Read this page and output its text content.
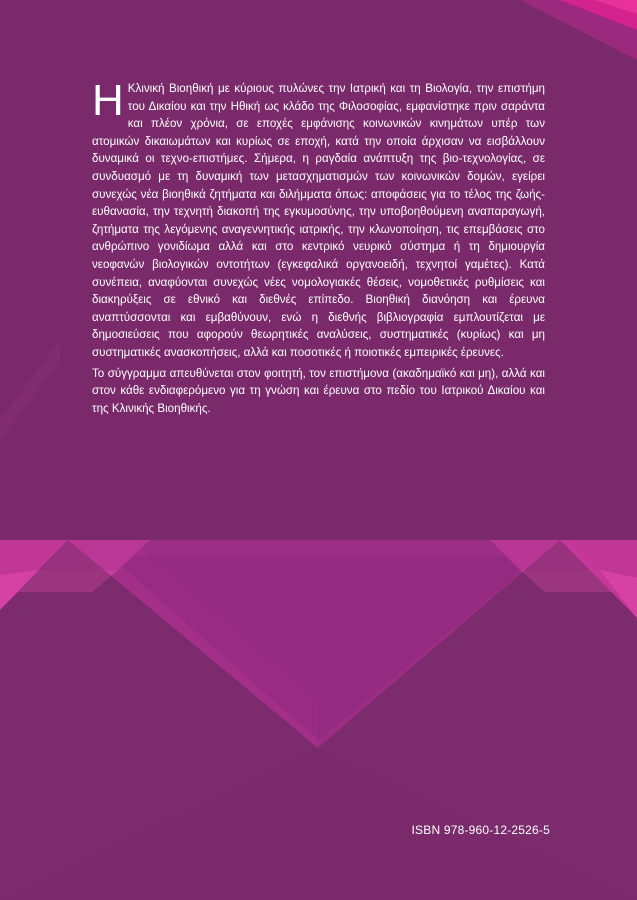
Η Κλινική Βιοηθική με κύριους πυλώνες την Ιατρική και τη Βιολογία, την επιστήμη του Δικαίου και την Ηθική ως κλάδο της Φιλοσοφίας, εμφανίστηκε πριν σαράντα και πλέον χρόνια, σε εποχές εμφάνισης κοινωνικών κινημάτων υπέρ των ατομικών δικαιωμάτων και κυρίως σε εποχή, κατά την οποία άρχισαν να εισβάλλουν δυναμικά οι τεχνο-επιστήμες. Σήμερα, η ραγδαία ανάπτυξη της βιο-τεχνολογίας, σε συνδυασμό με τη δυναμική των μετασχηματισμών των κοινωνικών δομών, εγείρει συνεχώς νέα βιοηθικά ζητήματα και διλήμματα όπως: αποφάσεις για το τέλος της ζωής-ευθανασία, την τεχνητή διακοπή της εγκυμοσύνης, την υποβοηθούμενη αναπαραγωγή, ζητήματα της λεγόμενης αναγεννητικής ιατρικής, την κλωνοποίηση, τις επεμβάσεις στο ανθρώπινο γονιδίωμα αλλά και στο κεντρικό νευρικό σύστημα ή τη δημιουργία νεοφανών βιολογικών οντοτήτων (εγκεφαλικά οργανοειδή, τεχνητοί γαμέτες). Κατά συνέπεια, αναφύονται συνεχώς νέες νομολογιακές θέσεις, νομοθετικές ρυθμίσεις και διακηρύξεις σε εθνικό και διεθνές επίπεδο. Βιοηθική διανόηση και έρευνα αναπτύσσονται και εμβαθύνουν, ενώ η διεθνής βιβλιογραφία εμπλουτίζεται με δημοσιεύσεις που αφορούν θεωρητικές αναλύσεις, συστηματικές (κυρίως) και μη συστηματικές ανασκοπήσεις, αλλά και ποσοτικές ή ποιοτικές εμπειρικές έρευνες.

Το σύγγραμμα απευθύνεται στον φοιτητή, τον επιστήμονα (ακαδημαϊκό και μη), αλλά και στον κάθε ενδιαφερόμενο για τη γνώση και έρευνα στο πεδίο του Ιατρικού Δικαίου και της Κλινικής Βιοηθικής.

ISBN 978-960-12-2526-5
